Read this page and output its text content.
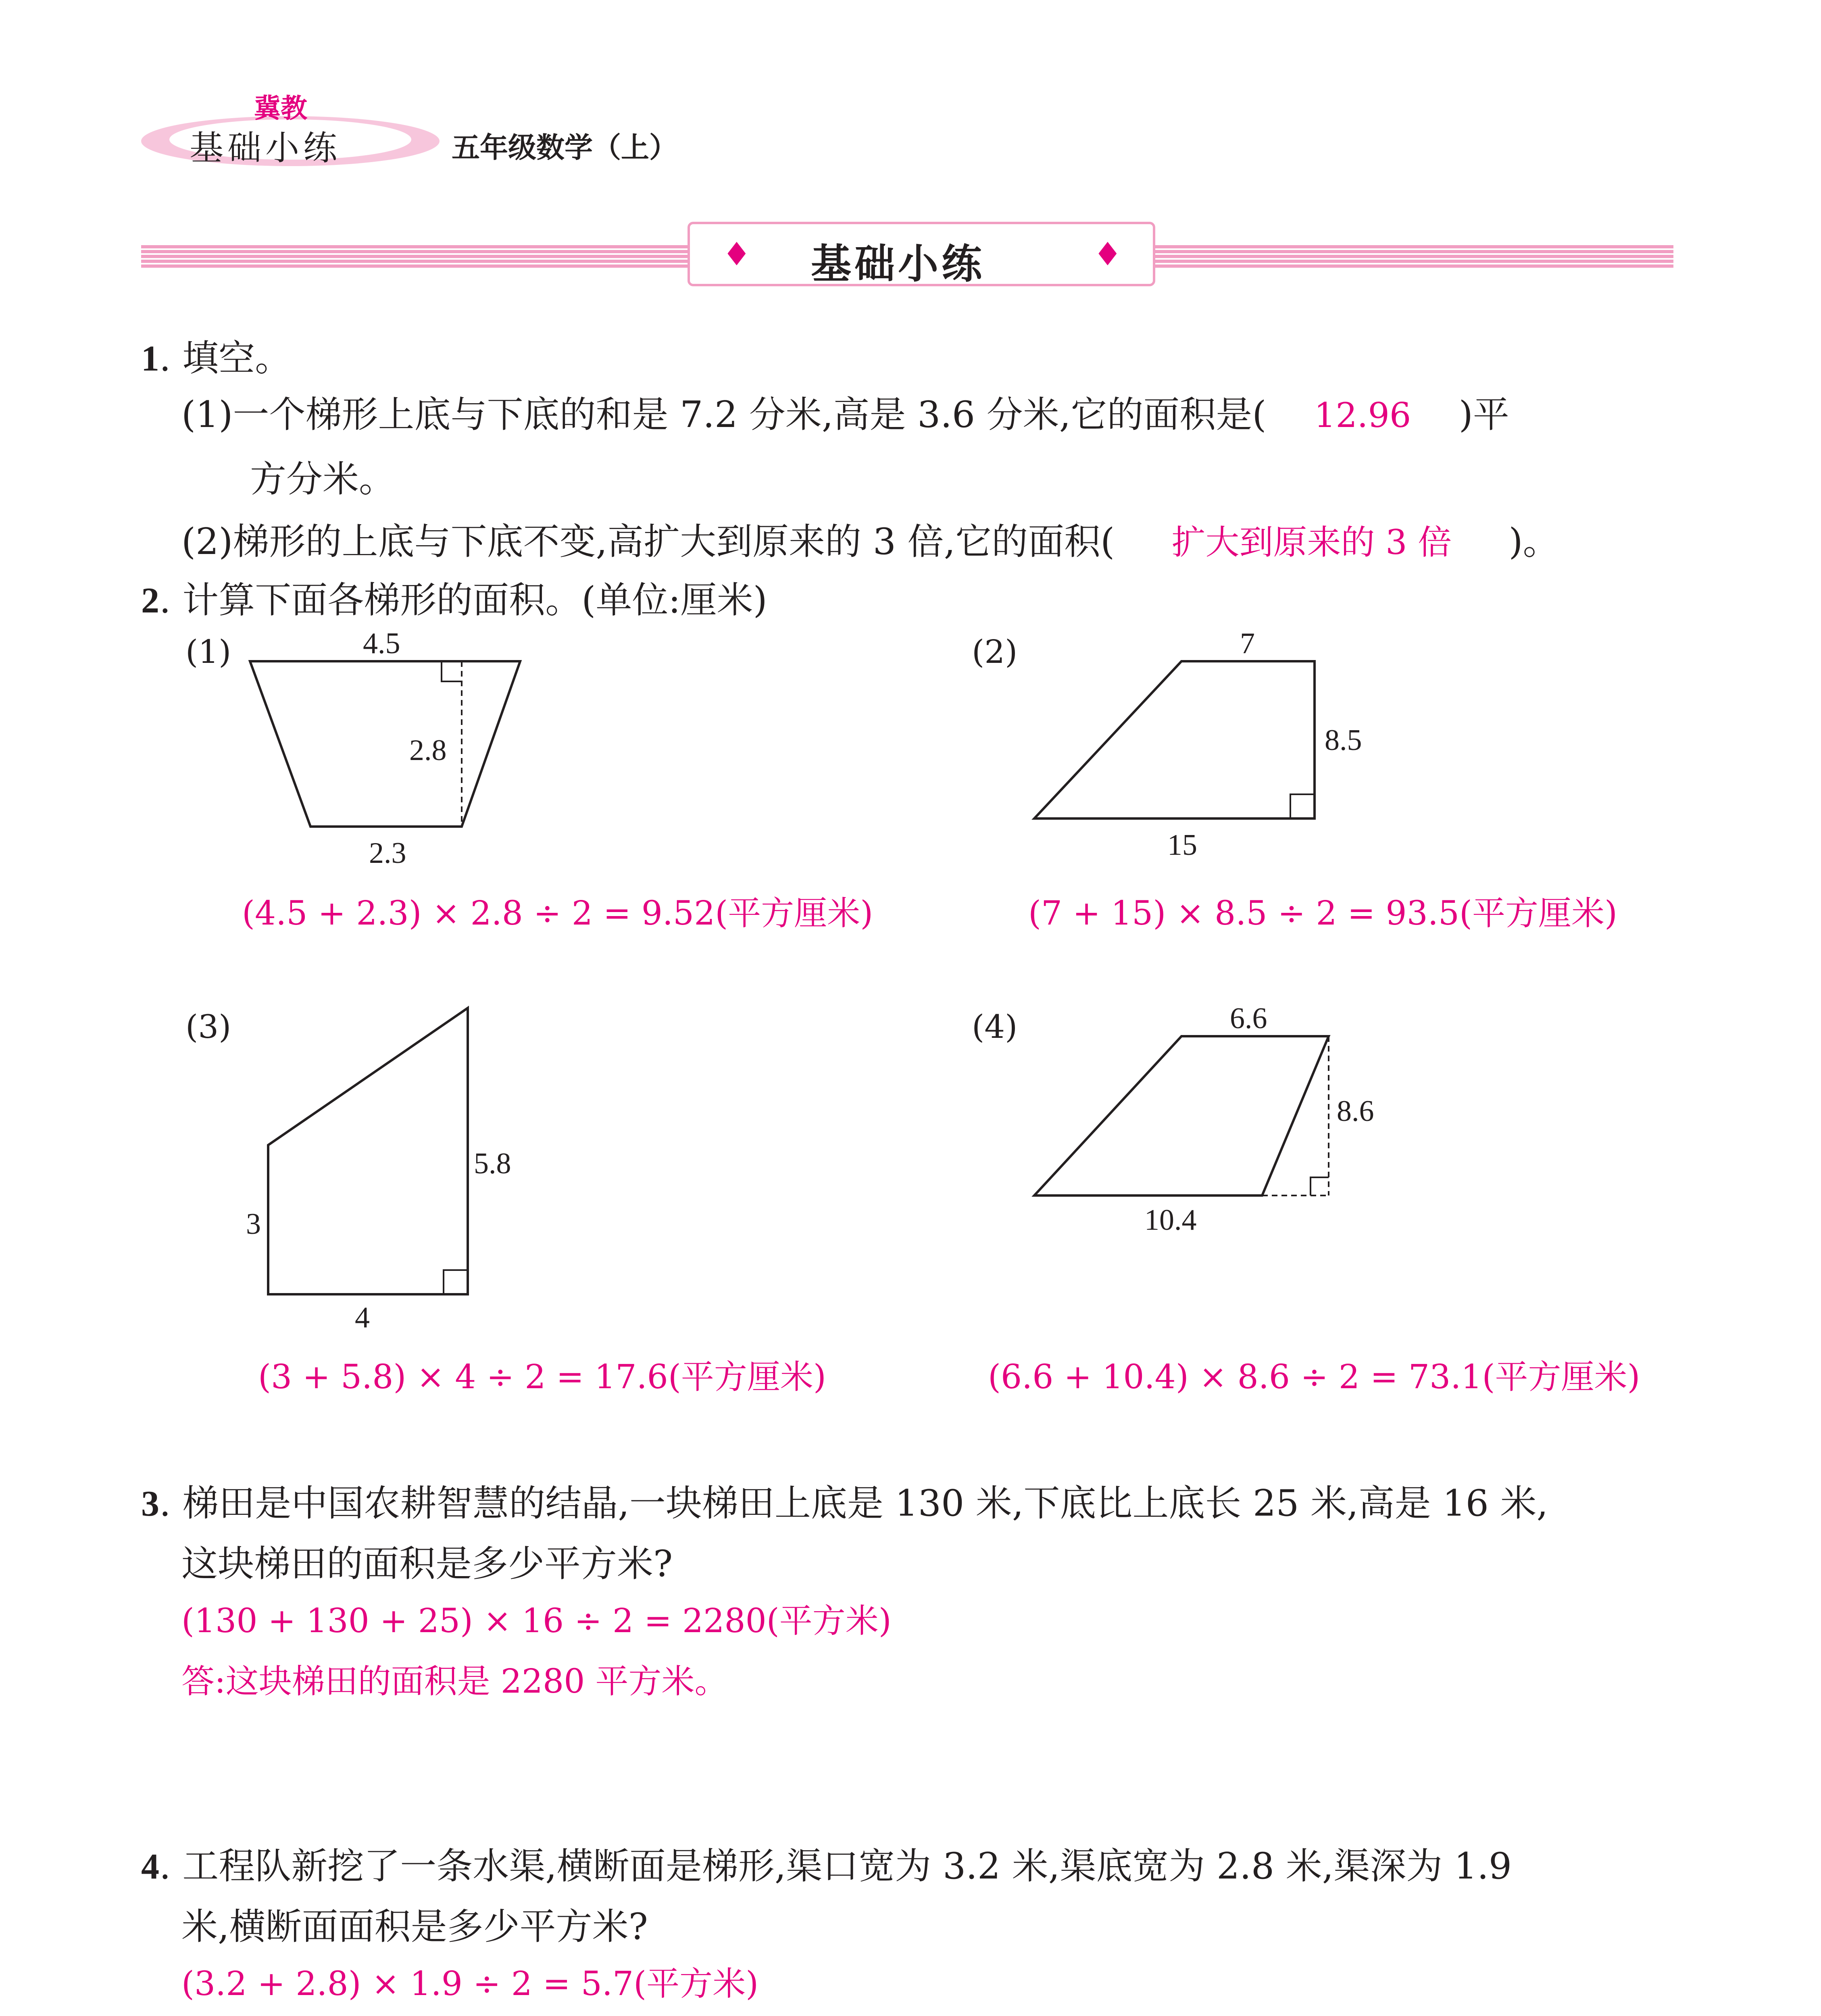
冀教
基础小练	五年级数学（上）
♦ 基础小练	♦
1. 填空。
(1)一个梯形上底与下底的和是 7.2 分米,高是 3.6 分米,它的面积是( 12.96 )平
方分米。
(2)梯形的上底与下底不变,高扩大到原来的 3 倍,它的面积( 扩大到原来的 3 倍 )。
2. 计算下面各梯形的面积。(单位:厘米)
(1)	4.5
2.8
2.3
(4.5 + 2.3) × 2.8 ÷ 2 = 9.52(平方厘米)
(2)	7
8.5
15
(7 + 15) × 8.5 ÷ 2 = 93.5(平方厘米)
(3)
5.8
3
4
(3 + 5.8) × 4 ÷ 2 = 17.6(平方厘米)
(4)	6.6
8.6
10.4
(6.6 + 10.4) × 8.6 ÷ 2 = 73.1(平方厘米)
3. 梯田是中国农耕智慧的结晶,一块梯田上底是 130 米,下底比上底长 25 米,高是 16 米,
这块梯田的面积是多少平方米?
(130 + 130 + 25) × 16 ÷ 2 = 2280(平方米)
答:这块梯田的面积是 2280 平方米。
4. 工程队新挖了一条水渠,横断面是梯形,渠口宽为 3.2 米,渠底宽为 2.8 米,渠深为 1.9
米,横断面面积是多少平方米?
(3.2 + 2.8) × 1.9 ÷ 2 = 5.7(平方米)
